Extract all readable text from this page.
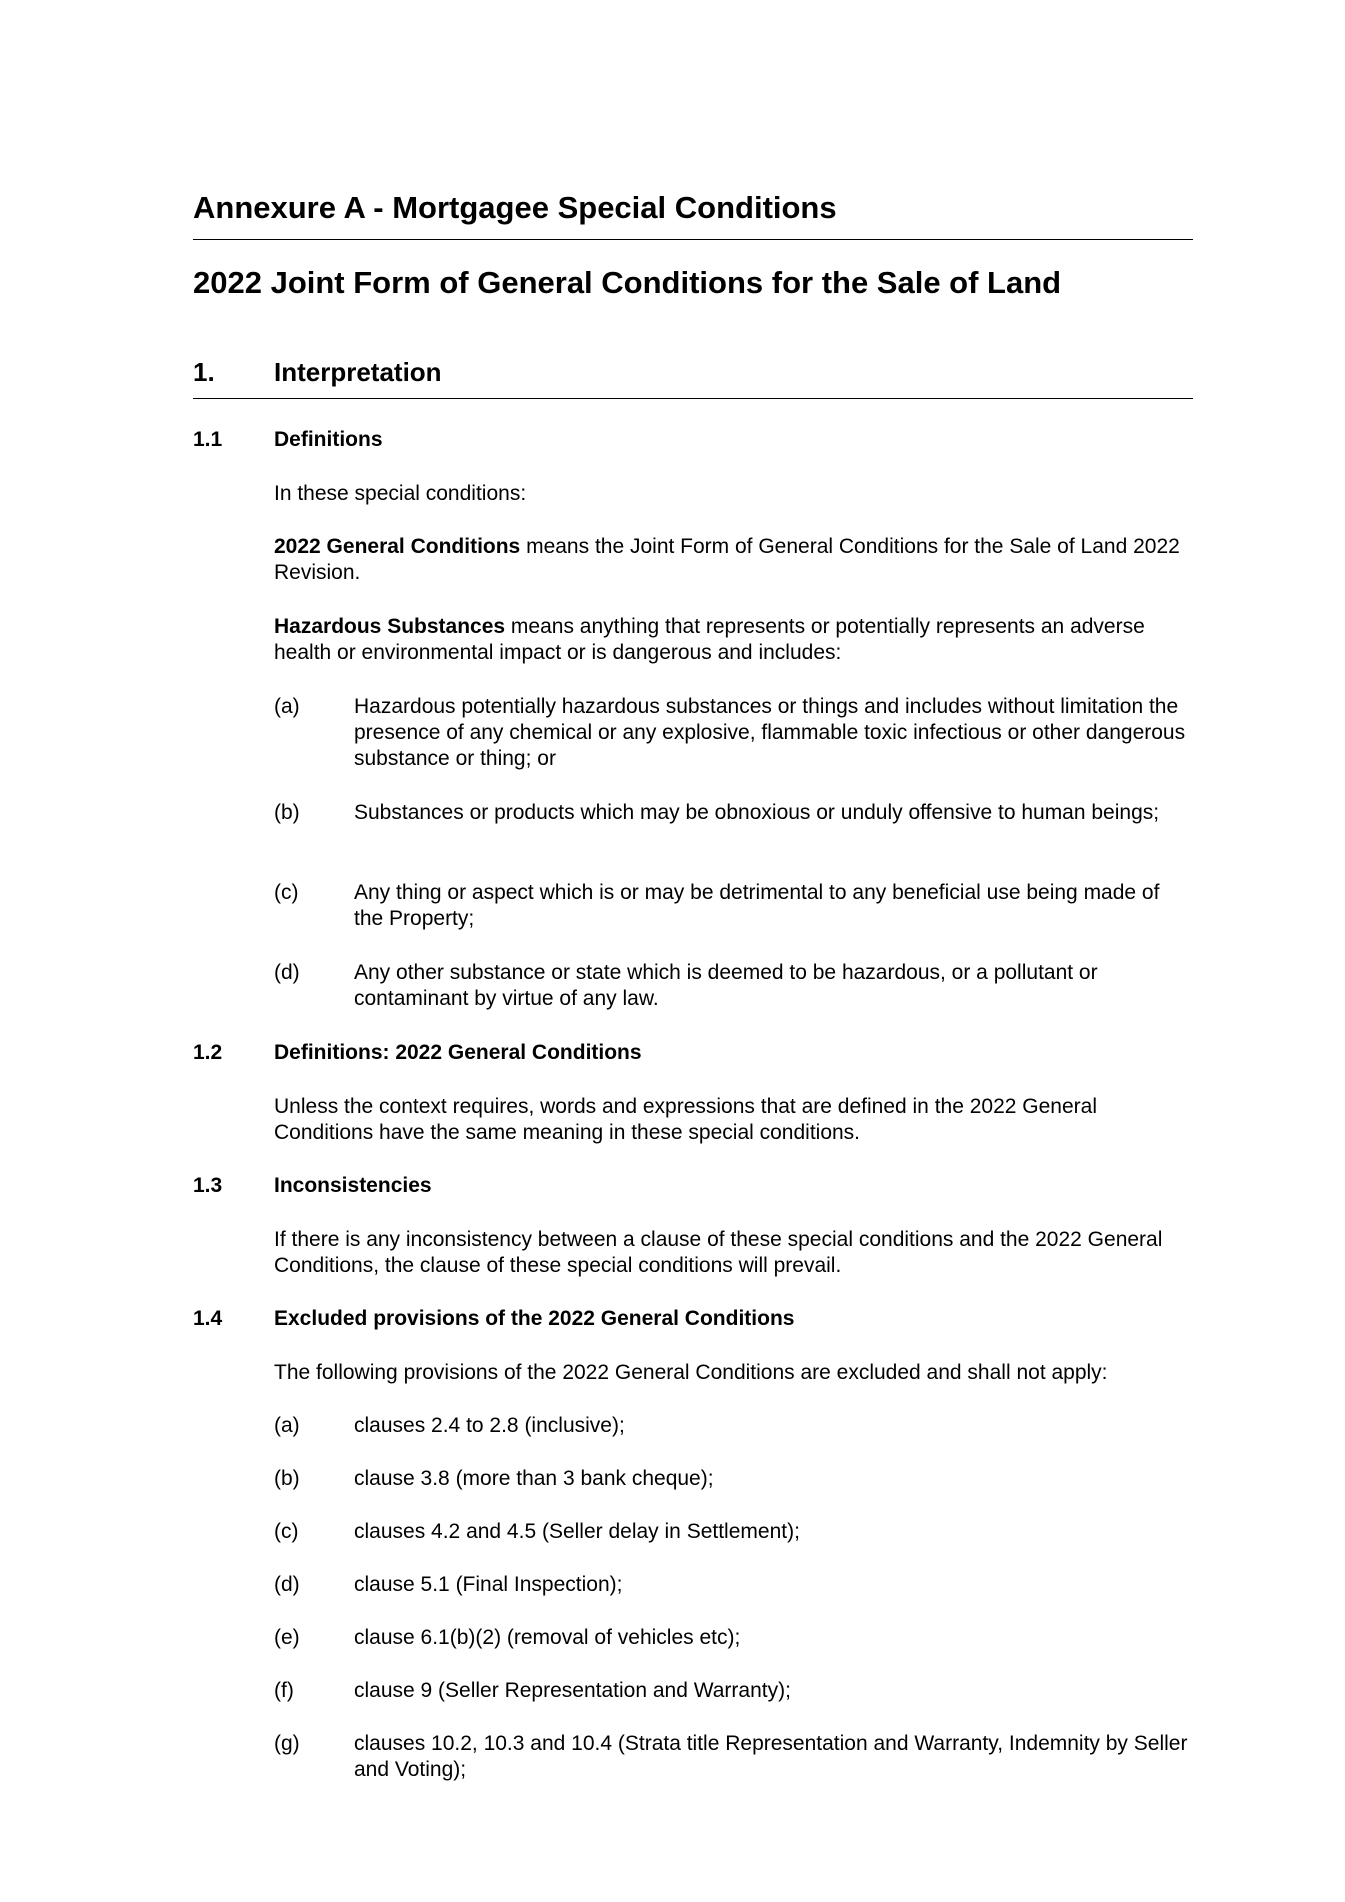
Annexure A - Mortgagee Special Conditions
2022 Joint Form of General Conditions for the Sale of Land
1. Interpretation
1.1 Definitions
In these special conditions:
2022 General Conditions means the Joint Form of General Conditions for the Sale of Land 2022 Revision.
Hazardous Substances means anything that represents or potentially represents an adverse health or environmental impact or is dangerous and includes:
(a)	Hazardous potentially hazardous substances or things and includes without limitation the presence of any chemical or any explosive, flammable toxic infectious or other dangerous substance or thing; or
(b)	Substances or products which may be obnoxious or unduly offensive to human beings;
(c)	Any thing or aspect which is or may be detrimental to any beneficial use being made of the Property;
(d)	Any other substance or state which is deemed to be hazardous, or a pollutant or contaminant by virtue of any law.
1.2 Definitions: 2022 General Conditions
Unless the context requires, words and expressions that are defined in the 2022 General Conditions have the same meaning in these special conditions.
1.3 Inconsistencies
If there is any inconsistency between a clause of these special conditions and the 2022 General Conditions, the clause of these special conditions will prevail.
1.4 Excluded provisions of the 2022 General Conditions
The following provisions of the 2022 General Conditions are excluded and shall not apply:
(a)	clauses 2.4 to 2.8 (inclusive);
(b)	clause 3.8 (more than 3 bank cheque);
(c)	clauses 4.2 and 4.5 (Seller delay in Settlement);
(d)	clause 5.1 (Final Inspection);
(e)	clause 6.1(b)(2) (removal of vehicles etc);
(f)	clause 9 (Seller Representation and Warranty);
(g)	clauses 10.2, 10.3 and 10.4 (Strata title Representation and Warranty, Indemnity by Seller and Voting);
